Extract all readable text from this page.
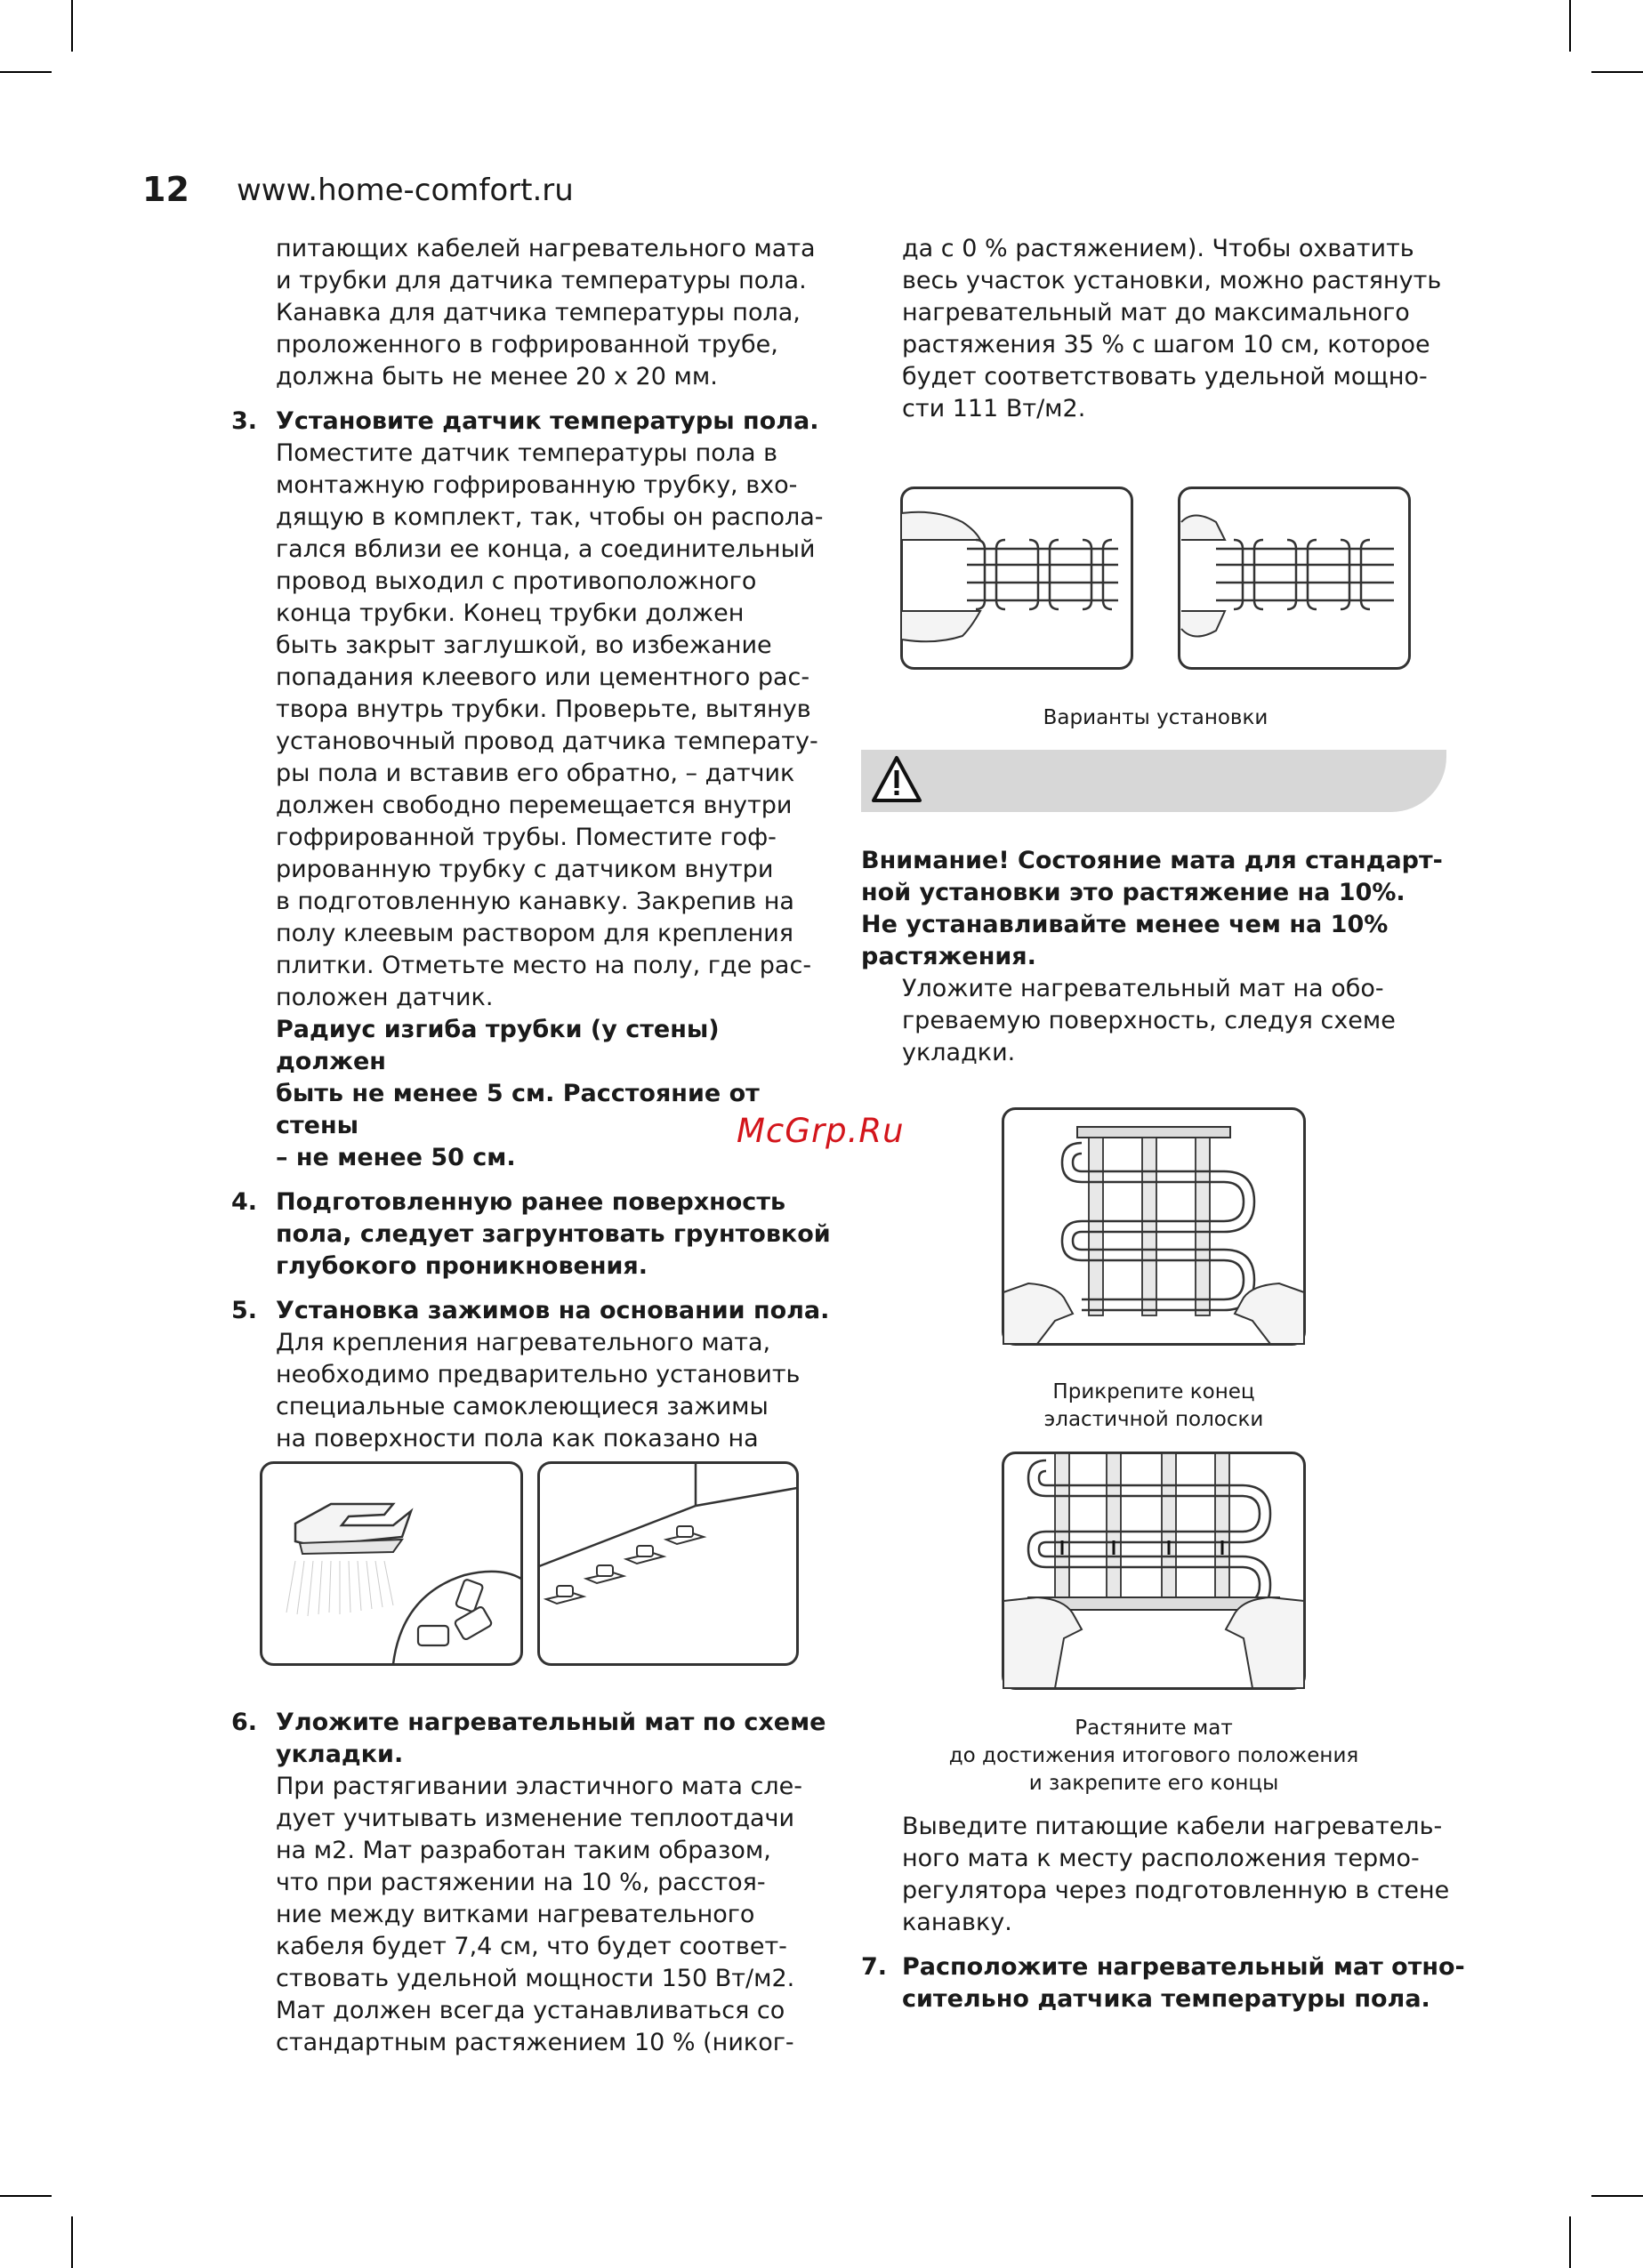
12 www.home-comfort.ru

питающих кабелей нагревательного мата

и трубки для датчика температуры пола.

Канавка для датчика температуры пола,

проложенного в гофрированной трубе,

должна быть не менее 20 x 20 мм.

3. Установите датчик температуры пола.

Поместите датчик температуры пола в

монтажную гофрированную трубку, вхо-

дящую в комплект, так, чтобы он распола-

гался вблизи ее конца, а соединительный

провод выходил с противоположного

конца трубки. Конец трубки должен

быть закрыт заглушкой, во избежание

попадания клеевого или цементного рас-

твора внутрь трубки. Проверьте, вытянув

установочный провод датчика температу-

ры пола и вставив его обратно, – датчик

должен свободно перемещается внутри

гофрированной трубы. Поместите гоф-

рированную трубку с датчиком внутри

в подготовленную канавку. Закрепив на

полу клеевым раствором для крепления

плитки. Отметьте место на полу, где рас-

положен датчик.

Радиус изгиба трубки (у стены) должен

быть не менее 5 см. Расстояние от стены

– не менее 50 см.

4. Подготовленную ранее поверхность

пола, следует загрунтовать грунтовкой

глубокого проникновения.

5. Установка зажимов на основании пола.

Для крепления нагревательного мата,

необходимо предварительно установить

специальные самоклеющиеся зажимы

на поверхности пола как показано на

6. Уложите нагревательный мат по схеме

укладки.

При растягивании эластичного мата сле-

дует учитывать изменение теплоотдачи

на м2. Мат разработан таким образом,

что при растяжении на 10 %, расстоя-

ние между витками нагревательного

кабеля будет 7,4 см, что будет соответ-

ствовать удельной мощности 150 Вт/м2.

Мат должен всегда устанавливаться со

стандартным растяжением 10 % (никог-

да с 0 % растяжением). Чтобы охватить

весь участок установки, можно растянуть

нагревательный мат до максимального

растяжения 35 % с шагом 10 см, которое

будет соответствовать удельной мощно-

сти 111 Вт/м2.

Варианты установки

Внимание! Состояние мата для стандарт-

ной установки это растяжение на 10%.

Не устанавливайте менее чем на 10%

растяжения.

Уложите нагревательный мат на обо-

греваемую поверхность, следуя схеме

укладки.

Прикрепите конец
эластичной полоски
Растяните мат
до достижения итогового положения
и закрепите его концы

Выведите питающие кабели нагреватель-

ного мата к месту расположения термо-

регулятора через подготовленную в стене

канавку.

7. Расположите нагревательный мат отно-

сительно датчика температуры пола.

McGrp.Ru
